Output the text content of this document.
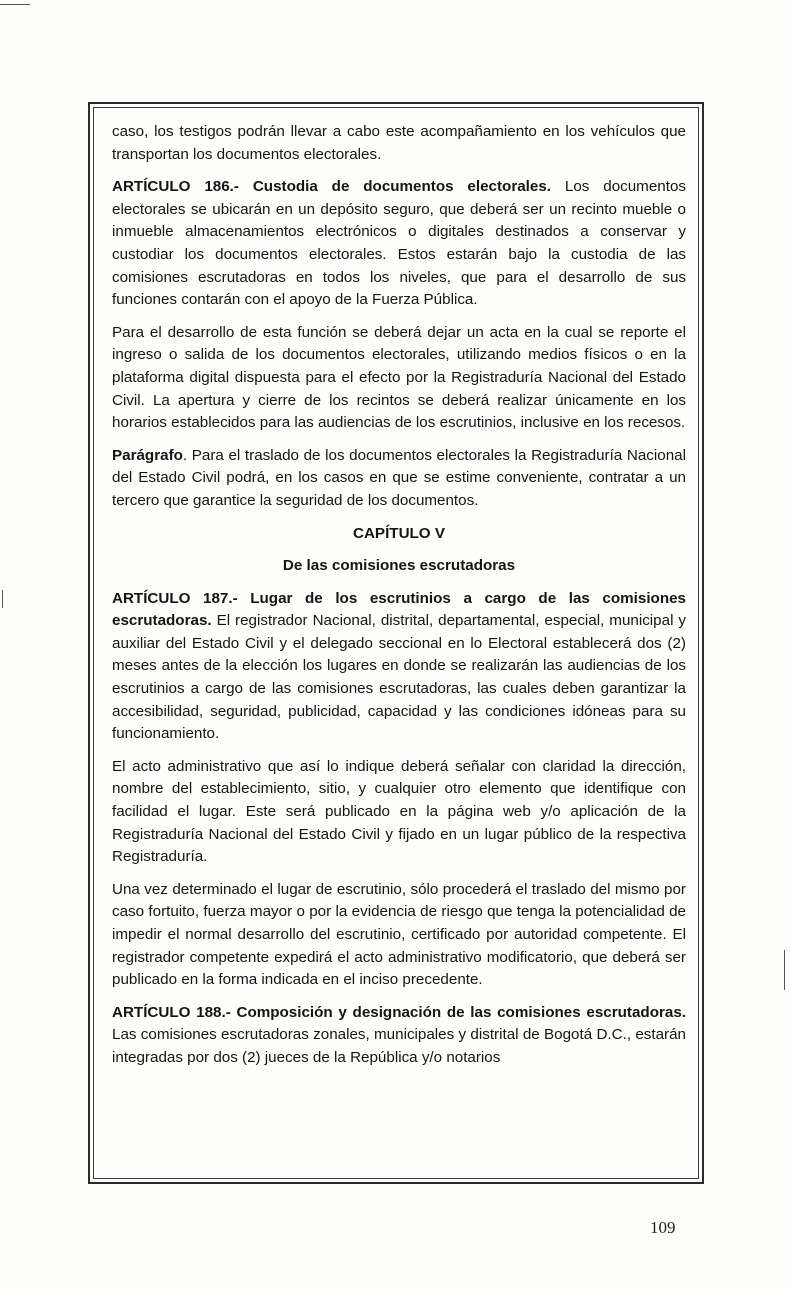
caso, los testigos podrán llevar a cabo este acompañamiento en los vehículos que transportan los documentos electorales.

ARTÍCULO 186.- Custodia de documentos electorales. Los documentos electorales se ubicarán en un depósito seguro, que deberá ser un recinto mueble o inmueble almacenamientos electrónicos o digitales destinados a conservar y custodiar los documentos electorales. Estos estarán bajo la custodia de las comisiones escrutadoras en todos los niveles, que para el desarrollo de sus funciones contarán con el apoyo de la Fuerza Pública.

Para el desarrollo de esta función se deberá dejar un acta en la cual se reporte el ingreso o salida de los documentos electorales, utilizando medios físicos o en la plataforma digital dispuesta para el efecto por la Registraduría Nacional del Estado Civil. La apertura y cierre de los recintos se deberá realizar únicamente en los horarios establecidos para las audiencias de los escrutinios, inclusive en los recesos.

Parágrafo. Para el traslado de los documentos electorales la Registraduría Nacional del Estado Civil podrá, en los casos en que se estime conveniente, contratar a un tercero que garantice la seguridad de los documentos.

CAPÍTULO V

De las comisiones escrutadoras

ARTÍCULO 187.- Lugar de los escrutinios a cargo de las comisiones escrutadoras. El registrador Nacional, distrital, departamental, especial, municipal y auxiliar del Estado Civil y el delegado seccional en lo Electoral establecerá dos (2) meses antes de la elección los lugares en donde se realizarán las audiencias de los escrutinios a cargo de las comisiones escrutadoras, las cuales deben garantizar la accesibilidad, seguridad, publicidad, capacidad y las condiciones idóneas para su funcionamiento.

El acto administrativo que así lo indique deberá señalar con claridad la dirección, nombre del establecimiento, sitio, y cualquier otro elemento que identifique con facilidad el lugar. Este será publicado en la página web y/o aplicación de la Registraduría Nacional del Estado Civil y fijado en un lugar público de la respectiva Registraduría.

Una vez determinado el lugar de escrutinio, sólo procederá el traslado del mismo por caso fortuito, fuerza mayor o por la evidencia de riesgo que tenga la potencialidad de impedir el normal desarrollo del escrutinio, certificado por autoridad competente. El registrador competente expedirá el acto administrativo modificatorio, que deberá ser publicado en la forma indicada en el inciso precedente.

ARTÍCULO 188.- Composición y designación de las comisiones escrutadoras. Las comisiones escrutadoras zonales, municipales y distrital de Bogotá D.C., estarán integradas por dos (2) jueces de la República y/o notarios

109
